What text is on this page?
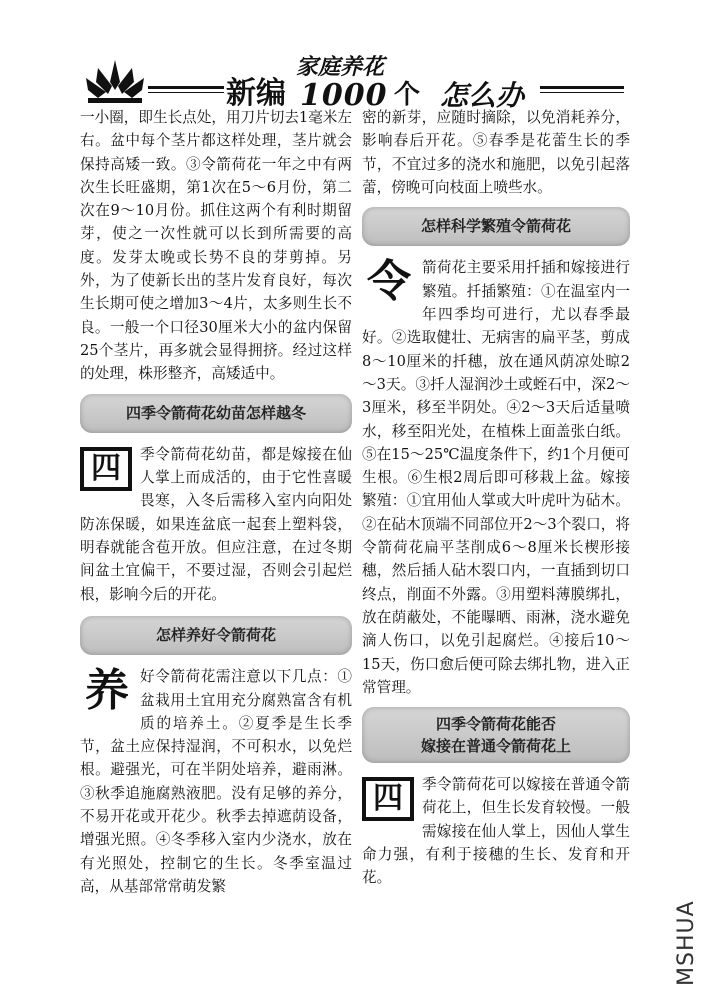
新编
家庭养花
1000 个 怎么办

一小圈，即生长点处，用刀片切去1毫米左右。盆中每个茎片都这样处理，茎片就会保持高矮一致。③令箭荷花一年之中有两次生长旺盛期，第1次在5～6月份，第二次在9～10月份。抓住这两个有利时期留芽，使之一次性就可以长到所需要的高度。发芽太晚或长势不良的芽剪掉。另外，为了使新长出的茎片发育良好，每次生长期可使之增加3～4片，太多则生长不良。一般一个口径30厘米大小的盆内保留25个茎片，再多就会显得拥挤。经过这样的处理，株形整齐，高矮适中。

四季令箭荷花幼苗怎样越冬

四	季令箭荷花幼苗，都是嫁接在仙人掌上而成活的，由于它性喜暖畏寒，入冬后需移入室内向阳处防冻保暖，如果连盆底一起套上塑料袋，明春就能含苞开放。但应注意，在过冬期间盆土宜偏干，不要过湿，否则会引起烂根，影响今后的开花。

怎样养好令箭荷花

养好令箭荷花需注意以下几点：①盆栽用土宜用充分腐熟富含有机质的培养土。②夏季是生长季节，盆土应保持湿润，不可积水，以免烂根。避强光，可在半阴处培养，避雨淋。③秋季追施腐熟液肥。没有足够的养分，不易开花或开花少。秋季去掉遮荫设备，增强光照。④冬季移入室内少浇水，放在有光照处，控制它的生长。冬季室温过高，从基部常常萌发繁

密的新芽，应随时摘除，以免消耗养分，影响春后开花。⑤春季是花蕾生长的季节，不宜过多的浇水和施肥，以免引起落蕾，傍晚可向枝面上喷些水。

怎样科学繁殖令箭荷花

令箭荷花主要采用扦插和嫁接进行繁殖。扦插繁殖：①在温室内一年四季均可进行，尤以春季最好。②选取健壮、无病害的扁平茎，剪成8～10厘米的扦穗，放在通风荫凉处晾2～3天。③扦人湿润沙土或蛭石中，深2～3厘米，移至半阴处。④2～3天后适量喷水，移至阳光处，在植株上面盖张白纸。⑤在15～25℃温度条件下，约1个月便可生根。⑥生根2周后即可移栽上盆。嫁接繁殖：①宜用仙人掌或大叶虎叶为砧木。②在砧木顶端不同部位开2～3个裂口，将令箭荷花扁平茎削成6～8厘米长楔形接穗，然后插人砧木裂口内，一直插到切口终点，削面不外露。③用塑料薄膜绑扎，放在荫蔽处，不能曝晒、雨淋，浇水避免滴人伤口，以免引起腐烂。④接后10～15天，伤口愈后便可除去绑扎物，进入正常管理。

四季令箭荷花能否
嫁接在普通令箭荷花上

四	季令箭荷花可以嫁接在普通令箭荷花上，但生长发育较慢。一般需嫁接在仙人掌上，因仙人掌生命力强，有利于接穗的生长、发育和开花。

MSHUA
